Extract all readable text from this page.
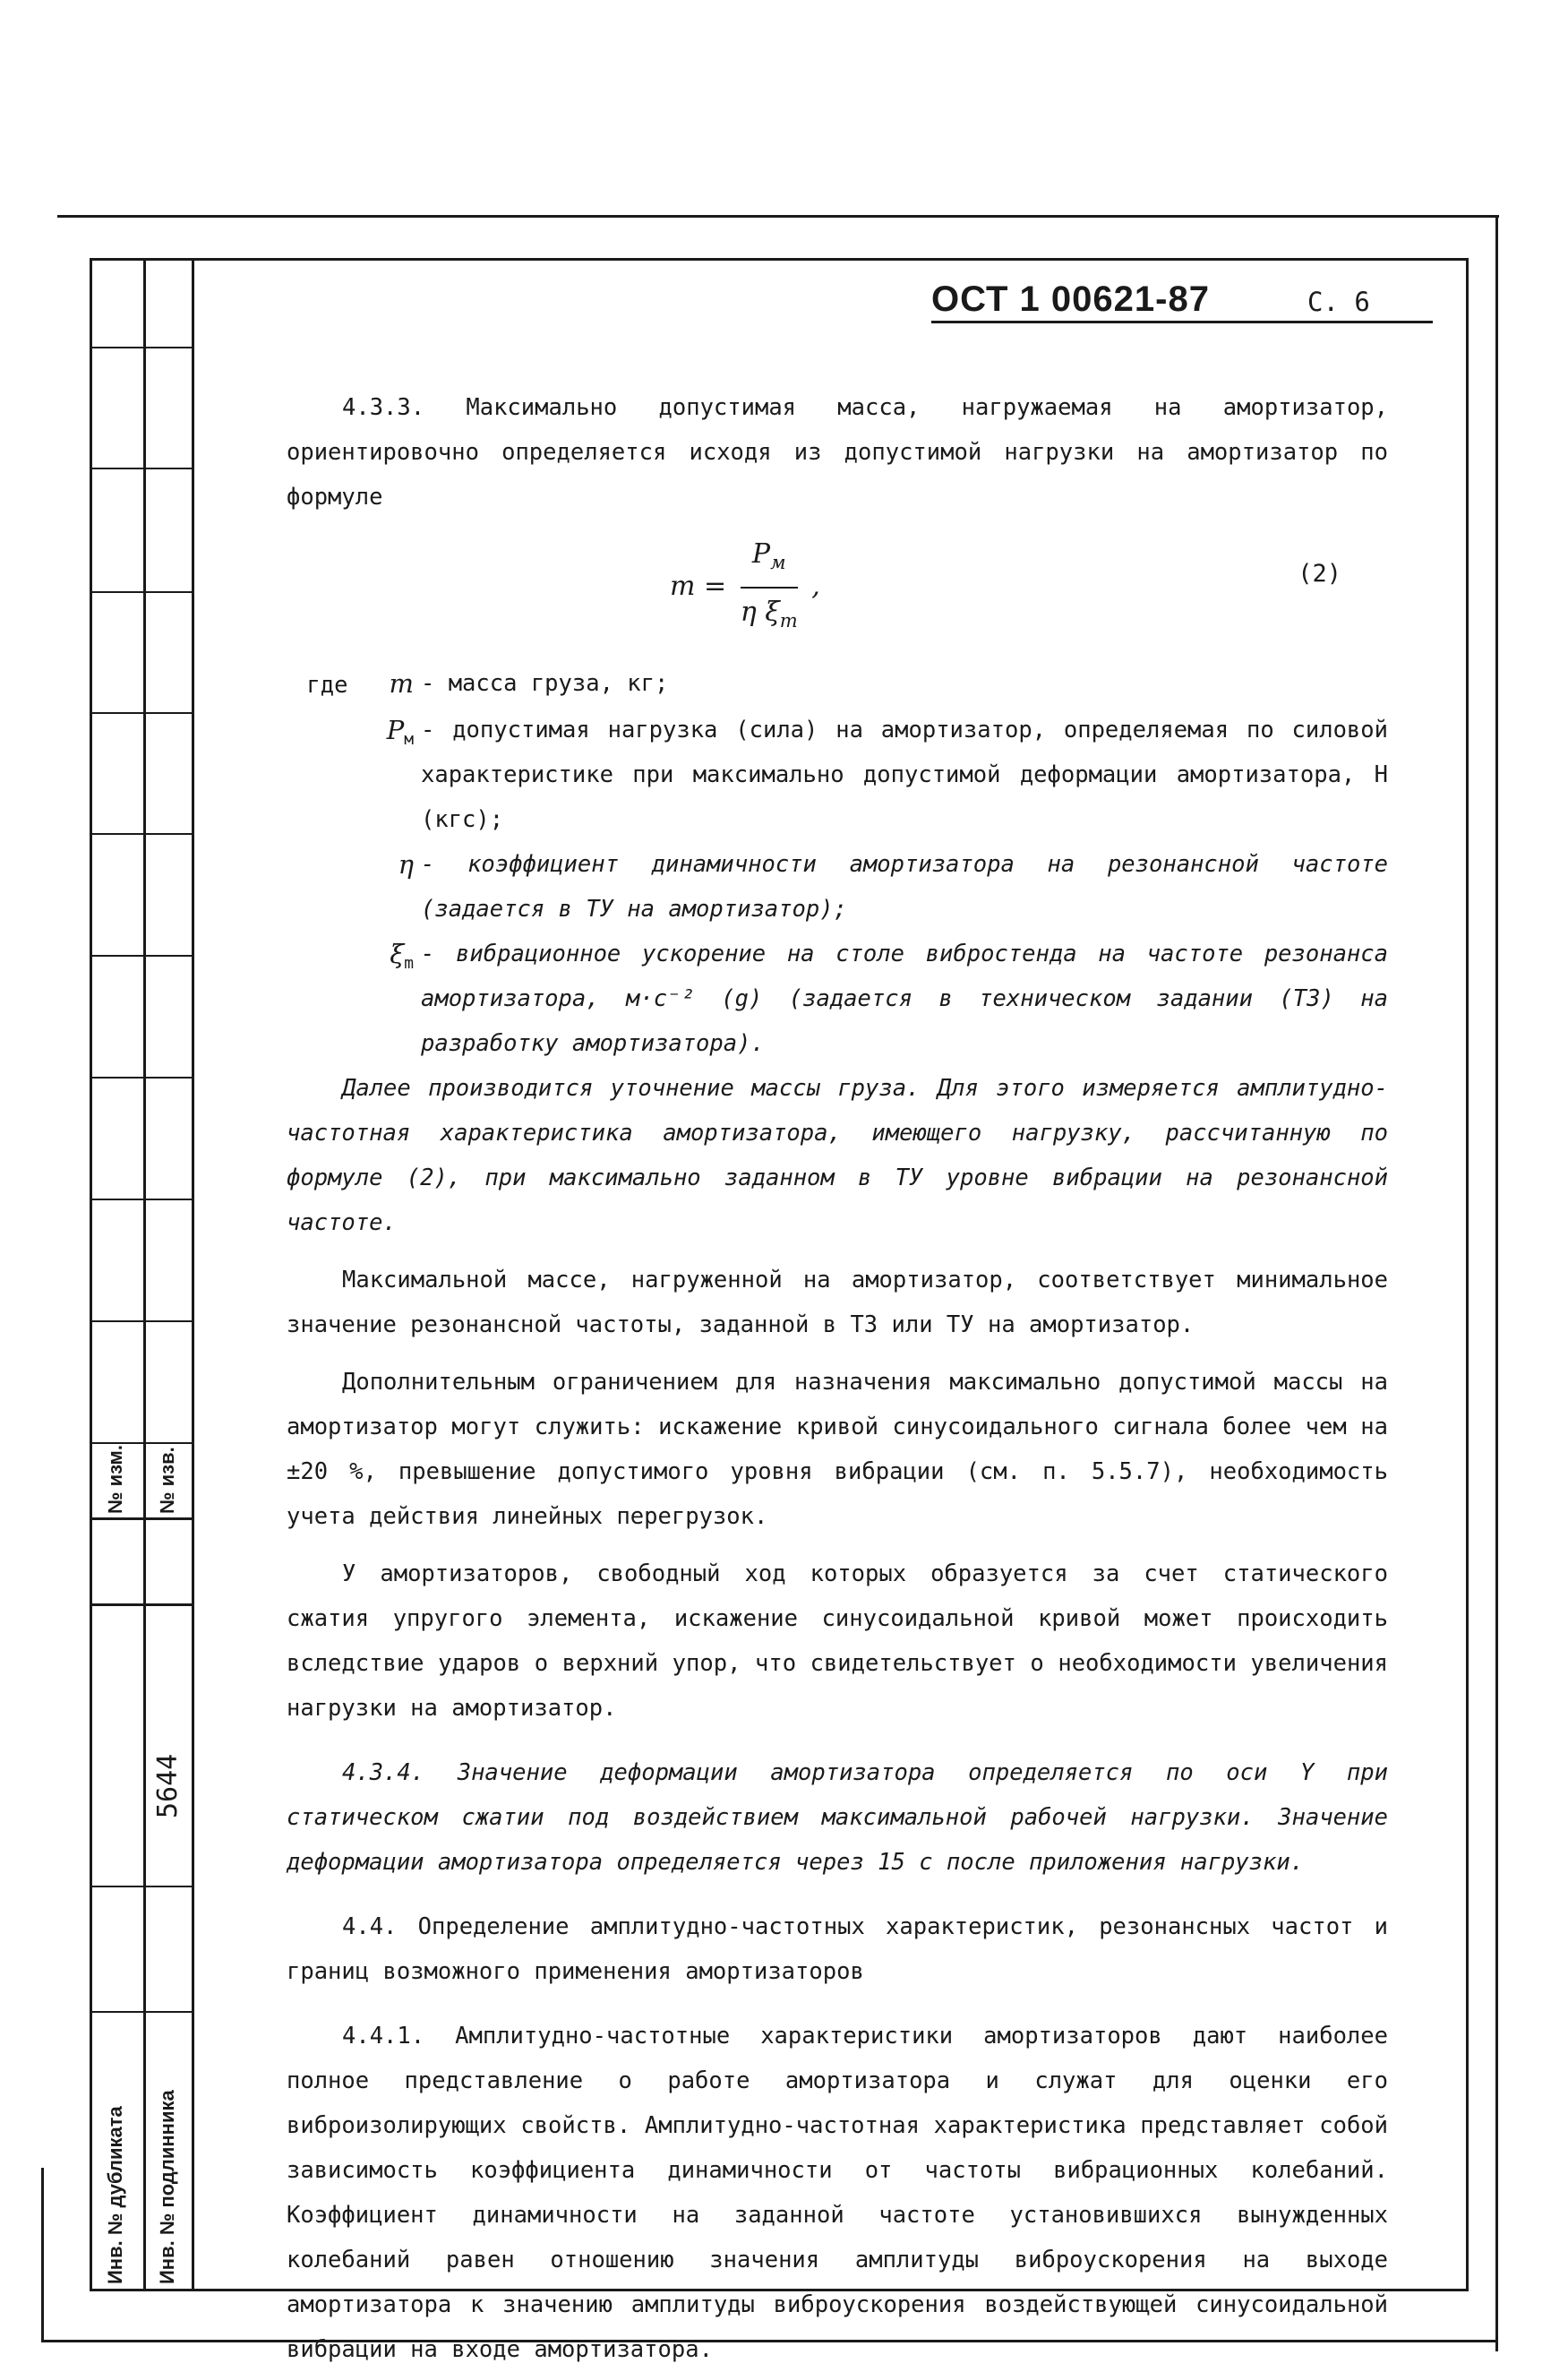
№ изм. № изв.
5644
Инв. № дубликата Инв. № подлинника
ОСТ 1 00621-87	С. 6

4.3.3. Максимально допустимая масса, нагружаемая на амортизатор, ориентировочно определяется исходя из допустимой нагрузки на амортизатор по формуле

$m = \frac{P_м}{\eta \xi_m}$ ,	(2)
где m - масса груза, кг;
$P_м$ - допустимая нагрузка (сила) на амортизатор, определяемая по силовой характеристике при максимально допустимой деформации амортизатора, Н (кгс);
η - коэффициент динамичности амортизатора на резонансной частоте (задается в ТУ на амортизатор);
$\xi_m$ - вибрационное ускорение на столе вибростенда на частоте резонанса амортизатора, м·с⁻² (g) (задается в техническом задании (ТЗ) на разработку амортизатора).

Далее производится уточнение массы груза. Для этого измеряется амплитудно-частотная характеристика амортизатора, имеющего нагрузку, рассчитанную по формуле (2), при максимально заданном в ТУ уровне вибрации на резонансной частоте.

Максимальной массе, нагруженной на амортизатор, соответствует минимальное значение резонансной частоты, заданной в ТЗ или ТУ на амортизатор.

Дополнительным ограничением для назначения максимально допустимой массы на амортизатор могут служить: искажение кривой синусоидального сигнала более чем на ±20 %, превышение допустимого уровня вибрации (см. п. 5.5.7), необходимость учета действия линейных перегрузок.

У амортизаторов, свободный ход которых образуется за счет статического сжатия упругого элемента, искажение синусоидальной кривой может происходить вследствие ударов о верхний упор, что свидетельствует о необходимости увеличения нагрузки на амортизатор.

4.3.4. Значение деформации амортизатора определяется по оси Y при статическом сжатии под воздействием максимальной рабочей нагрузки. Значение деформации амортизатора определяется через 15 с после приложения нагрузки.

4.4. Определение амплитудно-частотных характеристик, резонансных частот и границ возможного применения амортизаторов

4.4.1. Амплитудно-частотные характеристики амортизаторов дают наиболее полное представление о работе амортизатора и служат для оценки его виброизолирующих свойств. Амплитудно-частотная характеристика представляет собой зависимость коэффициента динамичности от частоты вибрационных колебаний. Коэффициент динамичности на заданной частоте установившихся вынужденных колебаний равен отношению значения амплитуды виброускорения на выходе амортизатора к значению амплитуды виброускорения воздействующей синусоидальной вибрации на входе амортизатора.
